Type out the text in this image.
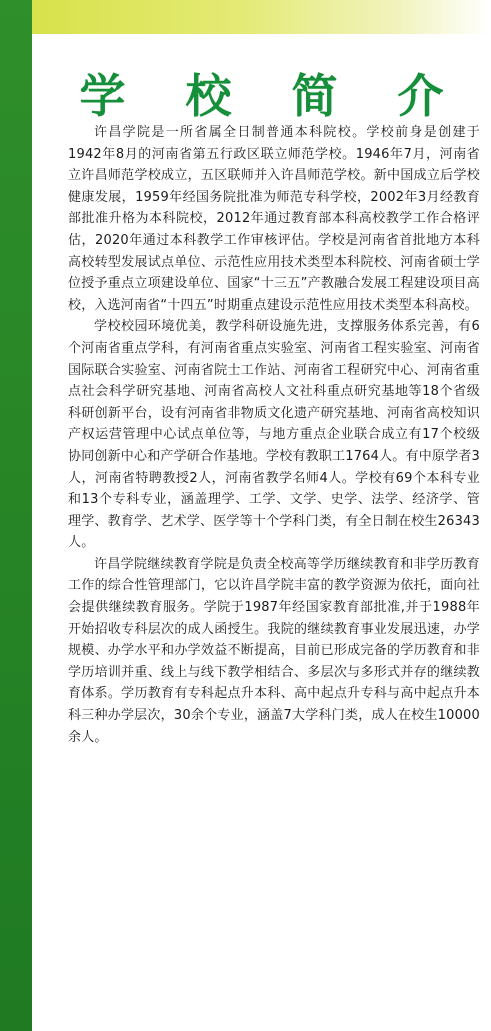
学 校 简 介

许昌学院是一所省属全日制普通本科院校。学校前身是创建于1942年8月的河南省第五行政区联立师范学校。1946年7月，河南省立许昌师范学校成立，五区联师并入许昌师范学校。新中国成立后学校健康发展，1959年经国务院批准为师范专科学校，2002年3月经教育部批准升格为本科院校，2012年通过教育部本科高校教学工作合格评估，2020年通过本科教学工作审核评估。学校是河南省首批地方本科高校转型发展试点单位、示范性应用技术类型本科院校、河南省硕士学位授予重点立项建设单位、国家“十三五”产教融合发展工程建设项目高校，入选河南省“十四五”时期重点建设示范性应用技术类型本科高校。

学校校园环境优美，教学科研设施先进，支撑服务体系完善，有6个河南省重点学科，有河南省重点实验室、河南省工程实验室、河南省国际联合实验室、河南省院士工作站、河南省工程研究中心、河南省重点社会科学研究基地、河南省高校人文社科重点研究基地等18个省级科研创新平台，设有河南省非物质文化遗产研究基地、河南省高校知识产权运营管理中心试点单位等，与地方重点企业联合成立有17个校级协同创新中心和产学研合作基地。学校有教职工1764人。有中原学者3人，河南省特聘教授2人，河南省教学名师4人。学校有69个本科专业和13个专科专业，涵盖理学、工学、文学、史学、法学、经济学、管理学、教育学、艺术学、医学等十个学科门类，有全日制在校生26343人。

许昌学院继续教育学院是负责全校高等学历继续教育和非学历教育工作的综合性管理部门，它以许昌学院丰富的教学资源为依托，面向社会提供继续教育服务。学院于1987年经国家教育部批准,并于1988年开始招收专科层次的成人函授生。我院的继续教育事业发展迅速，办学规模、办学水平和办学效益不断提高，目前已形成完备的学历教育和非学历培训并重、线上与线下教学相结合、多层次与多形式并存的继续教育体系。学历教育有专科起点升本科、高中起点升专科与高中起点升本科三种办学层次，30余个专业，涵盖7大学科门类，成人在校生10000余人。
